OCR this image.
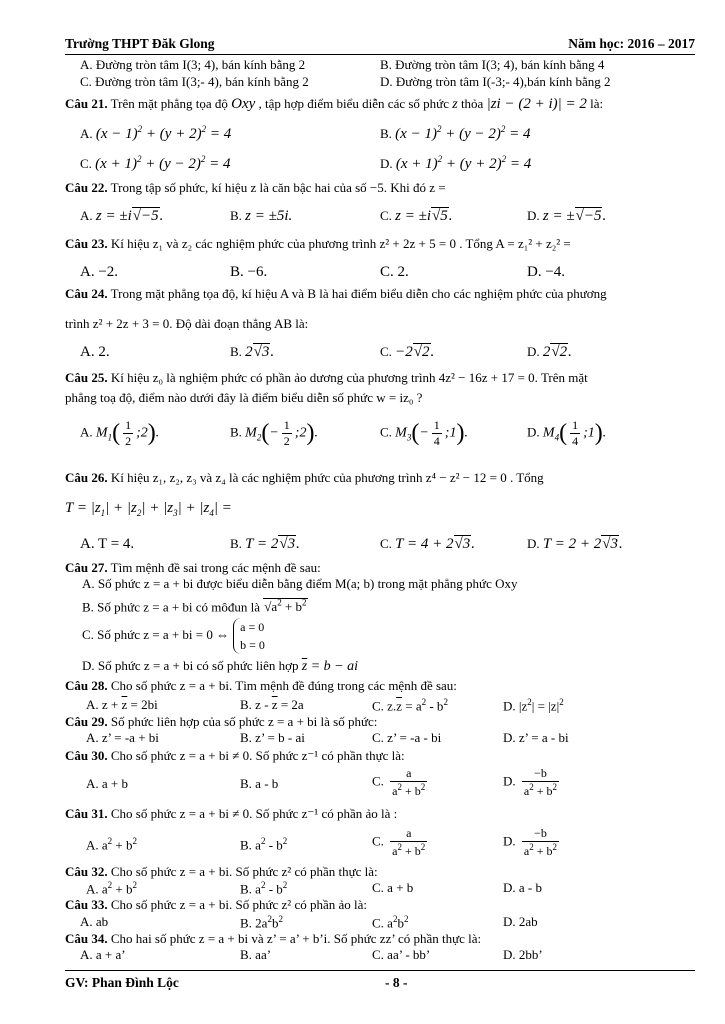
Trường THPT Đăk Glong	Năm học: 2016 – 2017
A. Đường tròn tâm I(3; 4), bán kính bằng 2	B. Đường tròn tâm I(3; 4), bán kính bằng 4
C. Đường tròn tâm I(3;- 4), bán kính bằng 2	D. Đường tròn tâm I(-3;- 4),bán kính bằng 2
Câu 21. Trên mặt phẳng tọa độ Oxy , tập hợp điểm biểu diễn các số phức z thỏa |zi − (2 + i)| = 2 là:
A. $(x - 1)^2 + (y + 2)^2 = 4$	B. $(x - 1)^2 + (y - 2)^2 = 4$
C. $(x + 1)^2 + (y - 2)^2 = 4$	D. $(x + 1)^2 + (y + 2)^2 = 4$
Câu 22. Trong tập số phức, kí hiệu z là căn bậc hai của số −5. Khi đó z =
A. z = ±i√−5.	B. z = ±5i.	C. z = ±i√5.	D. z = ±√−5.
Câu 23. Kí hiệu z₁ và z₂ các nghiệm phức của phương trình z² + 2z + 5 = 0 . Tổng A = z₁² + z₂² =
A. −2.	B. −6.	C. 2.	D. −4.
Câu 24. Trong mặt phẳng tọa độ, kí hiệu A và B là hai điểm biểu diễn cho các nghiệm phức của phương
trình z² + 2z + 3 = 0. Độ dài đoạn thẳng AB là:
A. 2.	B. 2√3.	C. −2√2.	D. 2√2.
Câu 25. Kí hiệu z₀ là nghiệm phức có phần ảo dương của phương trình 4z² − 16z + 17 = 0. Trên mặt
phẳng toạ độ, điểm nào dưới đây là điểm biểu diễn số phức w = iz₀ ?
A. $M_1( \frac{1}{2}$ ;2).	B. $M_2(- \frac{1}{2}$ ;2).	C. $M_3(- \frac{1}{4}$ ;1).	D. $M_4( \frac{1}{4}$ ;1).
Câu 26. Kí hiệu z₁, z₂, z₃ và z₄ là các nghiệm phức của phương trình z⁴ − z² − 12 = 0 . Tổng
$T = |z_1| + |z_2| + |z_3| + |z_4|$ =
A. T = 4.	B. T = 2√3.	C. T = 4 + 2√3.	D. T = 2 + 2√3.
Câu 27. Tìm mệnh đề sai trong các mệnh đề sau:
A. Số phức z = a + bi được biểu diễn bằng điểm M(a; b) trong mặt phẳng phức Oxy
B. Số phức z = a + bi có môđun là $√a^2 + b^2$
C. Số phức z = a + bi = 0 ⇔ a = 0
b = 0
D. Số phức z = a + bi có số phức liên hợp $\overline{z} = b$ − ai
Câu 28. Cho số phức z = a + bi. Tìm mệnh đề đúng trong các mệnh đề sau:
A. $z + \overline{z} = 2bi$	B. $z - \overline{z} = 2a$	C. $z.\overline{z} = a^2 - b^2$	D. $|z^2| = |z|^2$
Câu 29. Số phức liên hợp của số phức z = a + bi là số phức:
A. z’ = -a + bi	B. z’ = b - ai	C. z’ = -a - bi	D. z’ = a - bi
Câu 30. Cho số phức z = a + bi ≠ 0. Số phức z⁻¹ có phần thực là:
A. a + b	B. a - b	C. $\frac{a}{a^2 + b^2}$	D. $\frac{-b}{a^2 + b^2}$
Câu 31. Cho số phức z = a + bi ≠ 0. Số phức z⁻¹ có phần ảo là :
A. $a^2 + b^2$	B. $a^2 - b^2$	C. $\frac{a}{a^2 + b^2}$	D. $\frac{-b}{a^2 + b^2}$
Câu 32. Cho số phức z = a + bi. Số phức z² có phần thực là:
A. $a^2 + b^2$	B. $a^2 - b^2$	C. a + b	D. a - b
Câu 33. Cho số phức z = a + bi. Số phức z² có phần ảo là:
A. ab	B. $2a^2b^2$	C. $a^2b^2$	D. 2ab
Câu 34. Cho hai số phức z = a + bi và z’ = a’ + b’i. Số phức zz’ có phần thực là:
A. a + a’	B. aa’	C. aa’ - bb’	D. 2bb’
GV: Phan Đình Lộc	- 8 -
